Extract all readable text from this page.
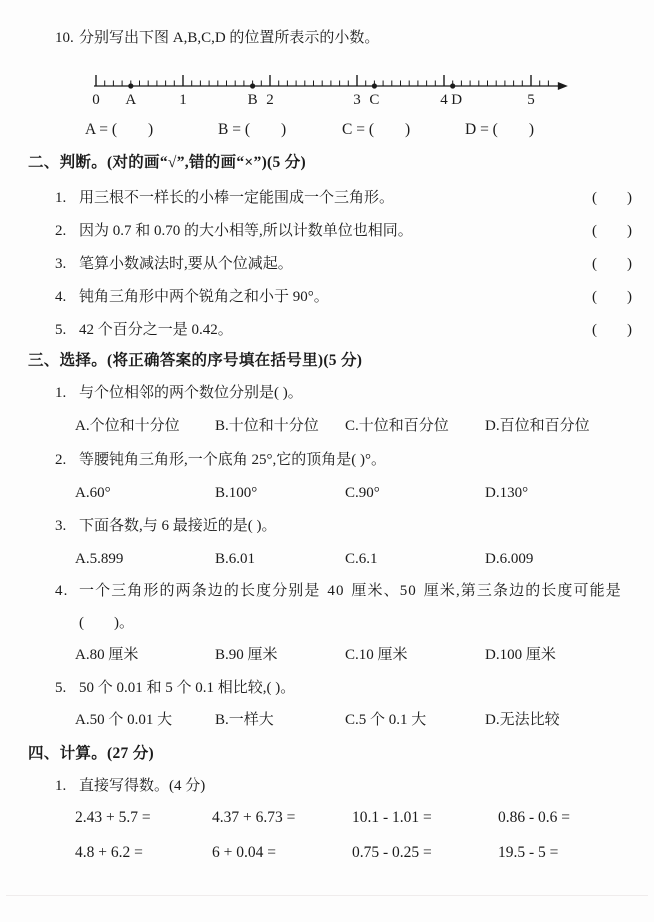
10. 分别写出下图 A,B,C,D 的位置所表示的小数。
0	1	2	3	4	5
A	B	C	D
A = (        )	B = (        )	C = (        )	D = (        )
二、判断。(对的画“√”,错的画“×”)(5 分)
1. 用三根不一样长的小棒一定能围成一个三角形。	(        )
2. 因为 0.7 和 0.70 的大小相等,所以计数单位也相同。	(        )
3. 笔算小数减法时,要从个位减起。	(        )
4. 钝角三角形中两个锐角之和小于 90°。	(        )
5. 42 个百分之一是 0.42。	(        )
三、选择。(将正确答案的序号填在括号里)(5 分)
1. 与个位相邻的两个数位分别是( )。
A.个位和十分位	B.十位和十分位	C.十位和百分位	D.百位和百分位
2. 等腰钝角三角形,一个底角 25°,它的顶角是( )°。
A.60°	B.100°	C.90°	D.130°
3. 下面各数,与 6 最接近的是( )。
A.5.899	B.6.01	C.6.1	D.6.009
4. 一个三角形的两条边的长度分别是 40 厘米、50 厘米,第三条边的长度可能是
(        )。
A.80 厘米	B.90 厘米	C.10 厘米	D.100 厘米
5. 50 个 0.01 和 5 个 0.1 相比较,( )。
A.50 个 0.01 大	B.一样大	C.5 个 0.1 大	D.无法比较
四、计算。(27 分)
1. 直接写得数。(4 分)
2.43 + 5.7 =	4.37 + 6.73 =	10.1 - 1.01 =	0.86 - 0.6 =
4.8 + 6.2 =	6 + 0.04 =	0.75 - 0.25 =	19.5 - 5 =
